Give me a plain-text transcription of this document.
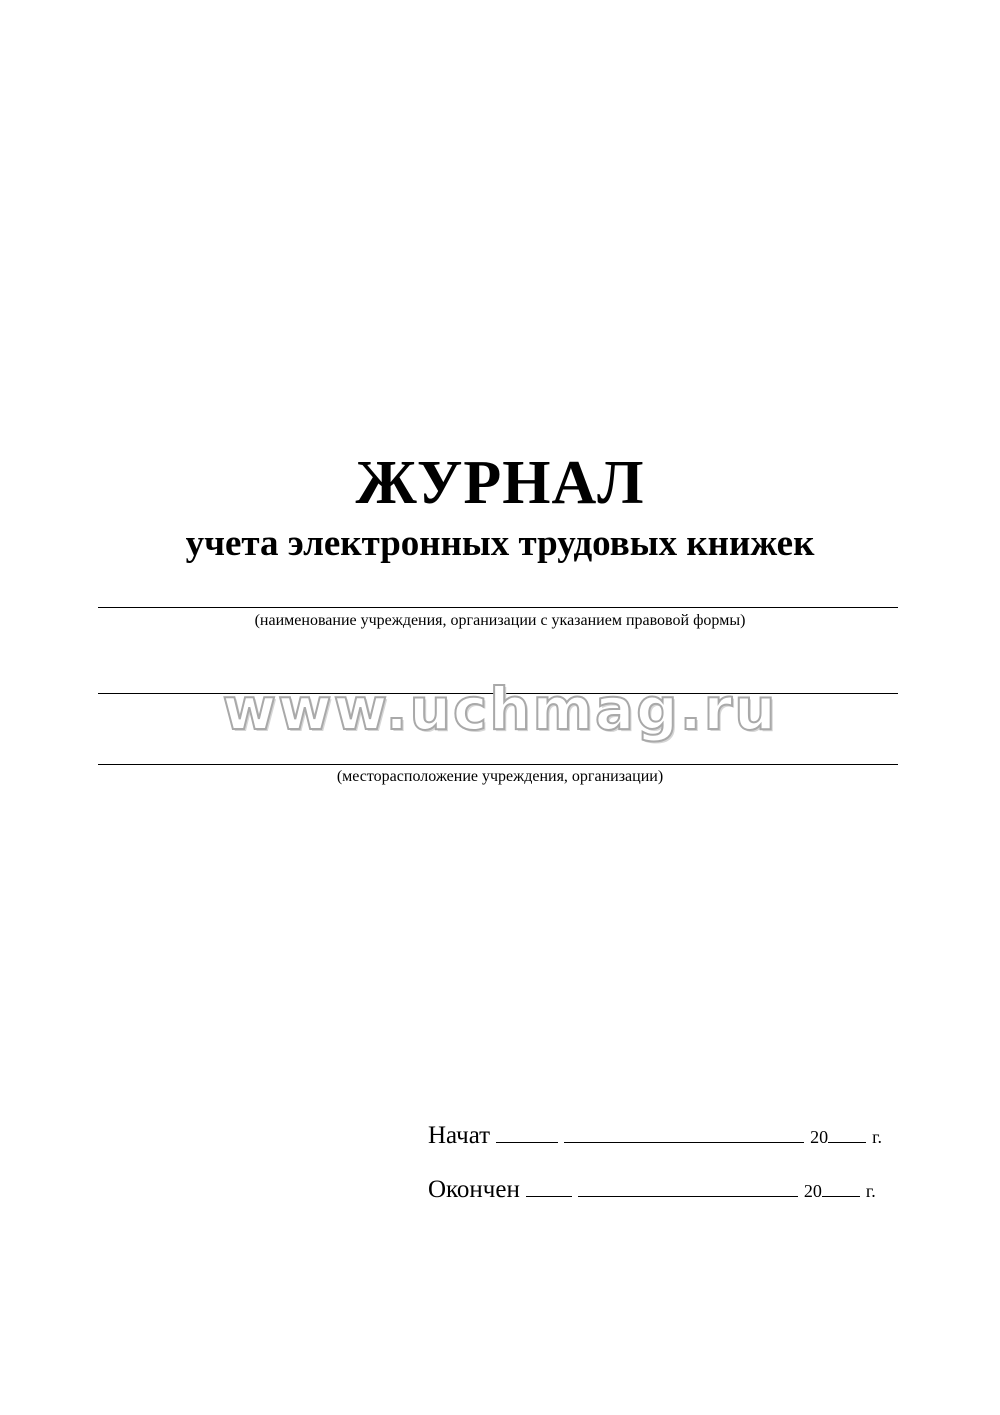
ЖУРНАЛ
учета электронных трудовых книжек
(наименование учреждения, организации с указанием правовой формы)
www.uchmag.ru
(месторасположение учреждения, организации)
Начат	20 г.
Окончен	20 г.
